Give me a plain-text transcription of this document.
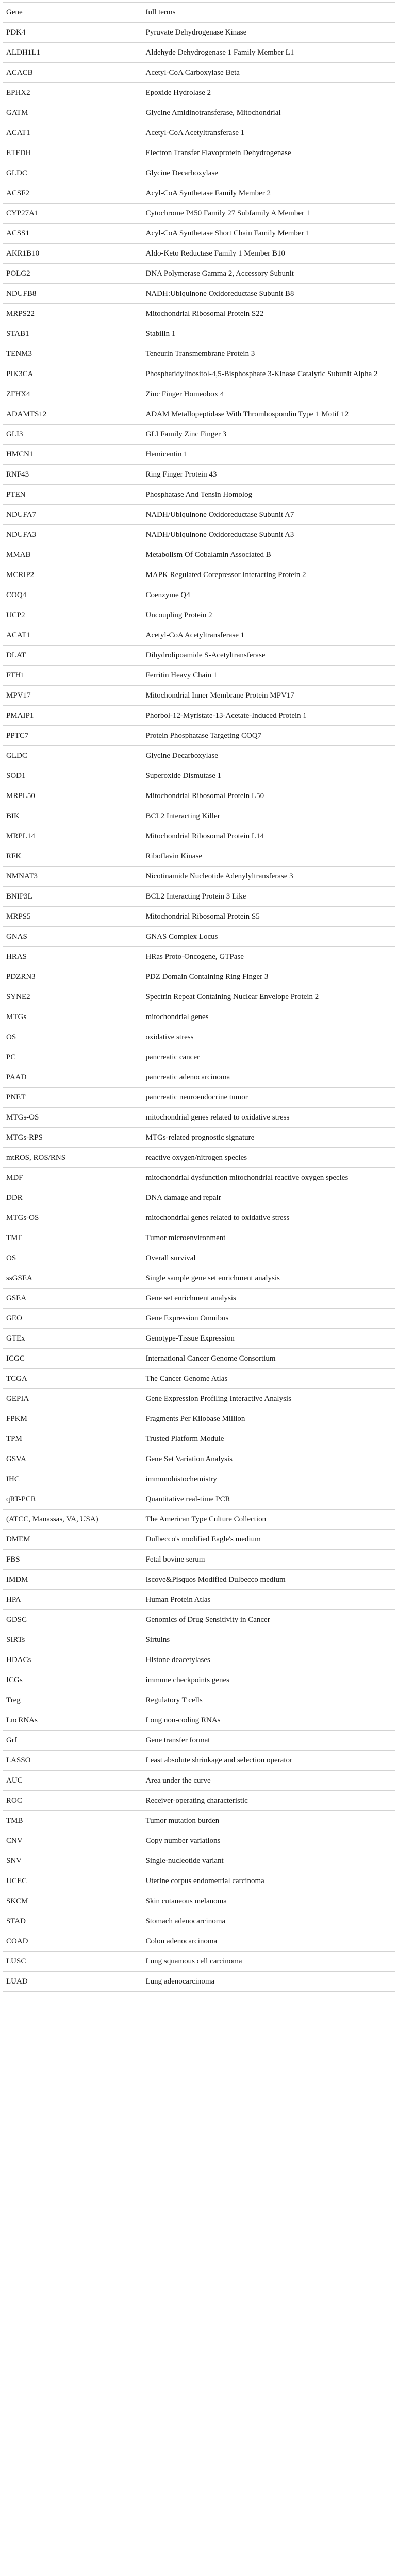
Gene	full terms
PDK4	Pyruvate Dehydrogenase Kinase
ALDH1L1	Aldehyde Dehydrogenase 1 Family Member L1
ACACB	Acetyl-CoA Carboxylase Beta
EPHX2	Epoxide Hydrolase 2
GATM	Glycine Amidinotransferase, Mitochondrial
ACAT1	Acetyl-CoA Acetyltransferase 1
ETFDH	Electron Transfer Flavoprotein Dehydrogenase
GLDC	Glycine Decarboxylase
ACSF2	Acyl-CoA Synthetase Family Member 2
CYP27A1	Cytochrome P450 Family 27 Subfamily A Member 1
ACSS1	Acyl-CoA Synthetase Short Chain Family Member 1
AKR1B10	Aldo-Keto Reductase Family 1 Member B10
POLG2	DNA Polymerase Gamma 2, Accessory Subunit
NDUFB8	NADH:Ubiquinone Oxidoreductase Subunit B8
MRPS22	Mitochondrial Ribosomal Protein S22
STAB1	Stabilin 1
TENM3	Teneurin Transmembrane Protein 3
PIK3CA	Phosphatidylinositol-4,5-Bisphosphate 3-Kinase Catalytic Subunit Alpha 2
ZFHX4	Zinc Finger Homeobox 4
ADAMTS12	ADAM Metallopeptidase With Thrombospondin Type 1 Motif 12
GLI3	GLI Family Zinc Finger 3
HMCN1	Hemicentin 1
RNF43	Ring Finger Protein 43
PTEN	Phosphatase And Tensin Homolog
NDUFA7	NADH/Ubiquinone Oxidoreductase Subunit A7
NDUFA3	NADH/Ubiquinone Oxidoreductase Subunit A3
MMAB	Metabolism Of Cobalamin Associated B
MCRIP2	MAPK Regulated Corepressor Interacting Protein 2
COQ4	Coenzyme Q4
UCP2	Uncoupling Protein 2
ACAT1	Acetyl-CoA Acetyltransferase 1
DLAT	Dihydrolipoamide S-Acetyltransferase
FTH1	Ferritin Heavy Chain 1
MPV17	Mitochondrial Inner Membrane Protein MPV17
PMAIP1	Phorbol-12-Myristate-13-Acetate-Induced Protein 1
PPTC7	Protein Phosphatase Targeting COQ7
GLDC	Glycine Decarboxylase
SOD1	Superoxide Dismutase 1
MRPL50	Mitochondrial Ribosomal Protein L50
BIK	BCL2 Interacting Killer
MRPL14	Mitochondrial Ribosomal Protein L14
RFK	Riboflavin Kinase
NMNAT3	Nicotinamide Nucleotide Adenylyltransferase 3
BNIP3L	BCL2 Interacting Protein 3 Like
MRPS5	Mitochondrial Ribosomal Protein S5
GNAS	GNAS Complex Locus
HRAS	HRas Proto-Oncogene, GTPase
PDZRN3	PDZ Domain Containing Ring Finger 3
SYNE2	Spectrin Repeat Containing Nuclear Envelope Protein 2
MTGs	mitochondrial genes
OS	oxidative stress
PC	pancreatic cancer
PAAD	pancreatic adenocarcinoma
PNET	pancreatic neuroendocrine tumor
MTGs-OS	mitochondrial genes related to oxidative stress
MTGs-RPS	MTGs-related prognostic signature
mtROS, ROS/RNS	reactive oxygen/nitrogen species
MDF	mitochondrial dysfunction mitochondrial reactive oxygen species
DDR	DNA damage and repair
MTGs-OS	mitochondrial genes related to oxidative stress
TME	Tumor microenvironment
OS	Overall survival
ssGSEA	Single sample gene set enrichment analysis
GSEA	Gene set enrichment analysis
GEO	Gene Expression Omnibus
GTEx	Genotype-Tissue Expression
ICGC	International Cancer Genome Consortium
TCGA	The Cancer Genome Atlas
GEPIA	Gene Expression Profiling Interactive Analysis
FPKM	Fragments Per Kilobase Million
TPM	Trusted Platform Module
GSVA	Gene Set Variation Analysis
IHC	immunohistochemistry
qRT-PCR	Quantitative real-time PCR
(ATCC, Manassas, VA, USA)	The American Type Culture Collection
DMEM	Dulbecco's modified Eagle's medium
FBS	Fetal bovine serum
IMDM	Iscove&Pisquos Modified Dulbecco medium
HPA	Human Protein Atlas
GDSC	Genomics of Drug Sensitivity in Cancer
SIRTs	Sirtuins
HDACs	Histone deacetylases
ICGs	immune checkpoints genes
Treg	Regulatory T cells
LncRNAs	Long non-coding RNAs
Grf	Gene transfer format
LASSO	Least absolute shrinkage and selection operator
AUC	Area under the curve
ROC	Receiver-operating characteristic
TMB	Tumor mutation burden
CNV	Copy number variations
SNV	Single-nucleotide variant
UCEC	Uterine corpus endometrial carcinoma
SKCM	Skin cutaneous melanoma
STAD	Stomach adenocarcinoma
COAD	Colon adenocarcinoma
LUSC	Lung squamous cell carcinoma
LUAD	Lung adenocarcinoma
